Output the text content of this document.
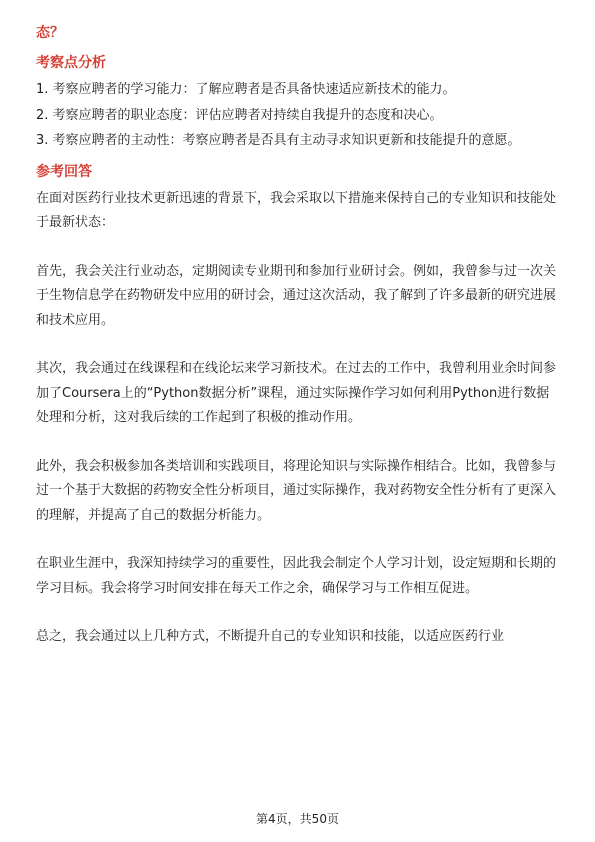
态？

考察点分析

1. 考察应聘者的学习能力：了解应聘者是否具备快速适应新技术的能力。

2. 考察应聘者的职业态度：评估应聘者对持续自我提升的态度和决心。

3. 考察应聘者的主动性：考察应聘者是否具有主动寻求知识更新和技能提升的意愿。

参考回答

在面对医药行业技术更新迅速的背景下，我会采取以下措施来保持自己的专业知识和技能处于最新状态：

首先，我会关注行业动态，定期阅读专业期刊和参加行业研讨会。例如，我曾参与过一次关于生物信息学在药物研发中应用的研讨会，通过这次活动，我了解到了许多最新的研究进展和技术应用。

其次，我会通过在线课程和在线论坛来学习新技术。在过去的工作中，我曾利用业余时间参加了Coursera上的“Python数据分析”课程，通过实际操作学习如何利用Python进行数据处理和分析，这对我后续的工作起到了积极的推动作用。

此外，我会积极参加各类培训和实践项目，将理论知识与实际操作相结合。比如，我曾参与过一个基于大数据的药物安全性分析项目，通过实际操作，我对药物安全性分析有了更深入的理解，并提高了自己的数据分析能力。

在职业生涯中，我深知持续学习的重要性，因此我会制定个人学习计划，设定短期和长期的学习目标。我会将学习时间安排在每天工作之余，确保学习与工作相互促进。

总之，我会通过以上几种方式，不断提升自己的专业知识和技能，以适应医药行业

第4页，共50页
